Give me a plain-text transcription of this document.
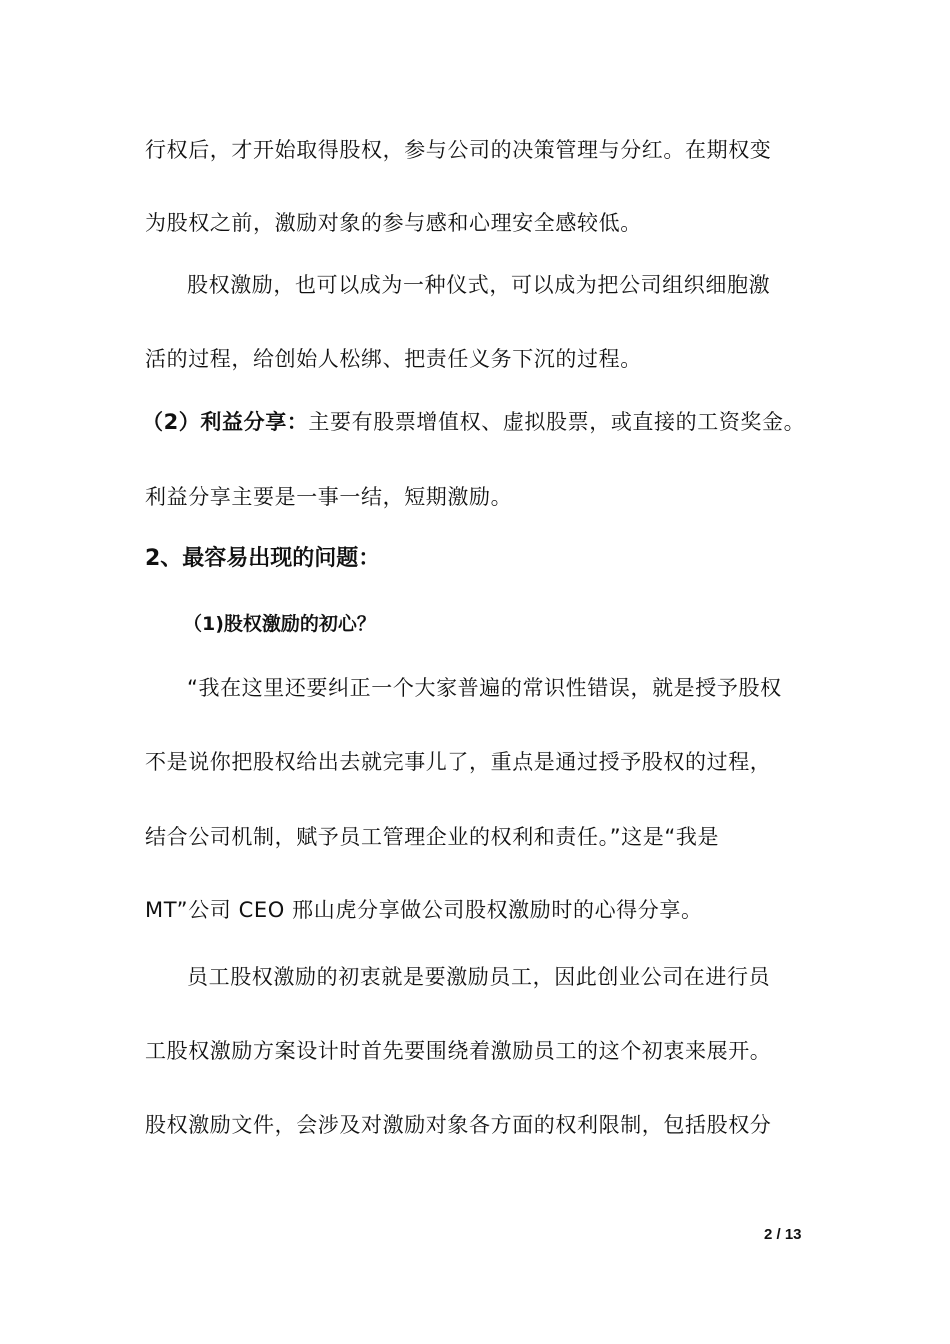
行权后，才开始取得股权，参与公司的决策管理与分红。在期权变
为股权之前，激励对象的参与感和心理安全感较低。
股权激励，也可以成为一种仪式，可以成为把公司组织细胞激
活的过程，给创始人松绑、把责任义务下沉的过程。
（2）利益分享：主要有股票增值权、虚拟股票，或直接的工资奖金。
利益分享主要是一事一结，短期激励。
2、最容易出现的问题：
（1)股权激励的初心？
“我在这里还要纠正一个大家普遍的常识性错误，就是授予股权
不是说你把股权给出去就完事儿了，重点是通过授予股权的过程，
结合公司机制，赋予员工管理企业的权利和责任。”这是“我是
MT”公司 CEO 邢山虎分享做公司股权激励时的心得分享。
员工股权激励的初衷就是要激励员工，因此创业公司在进行员
工股权激励方案设计时首先要围绕着激励员工的这个初衷来展开。
股权激励文件，会涉及对激励对象各方面的权利限制，包括股权分
2 / 13
